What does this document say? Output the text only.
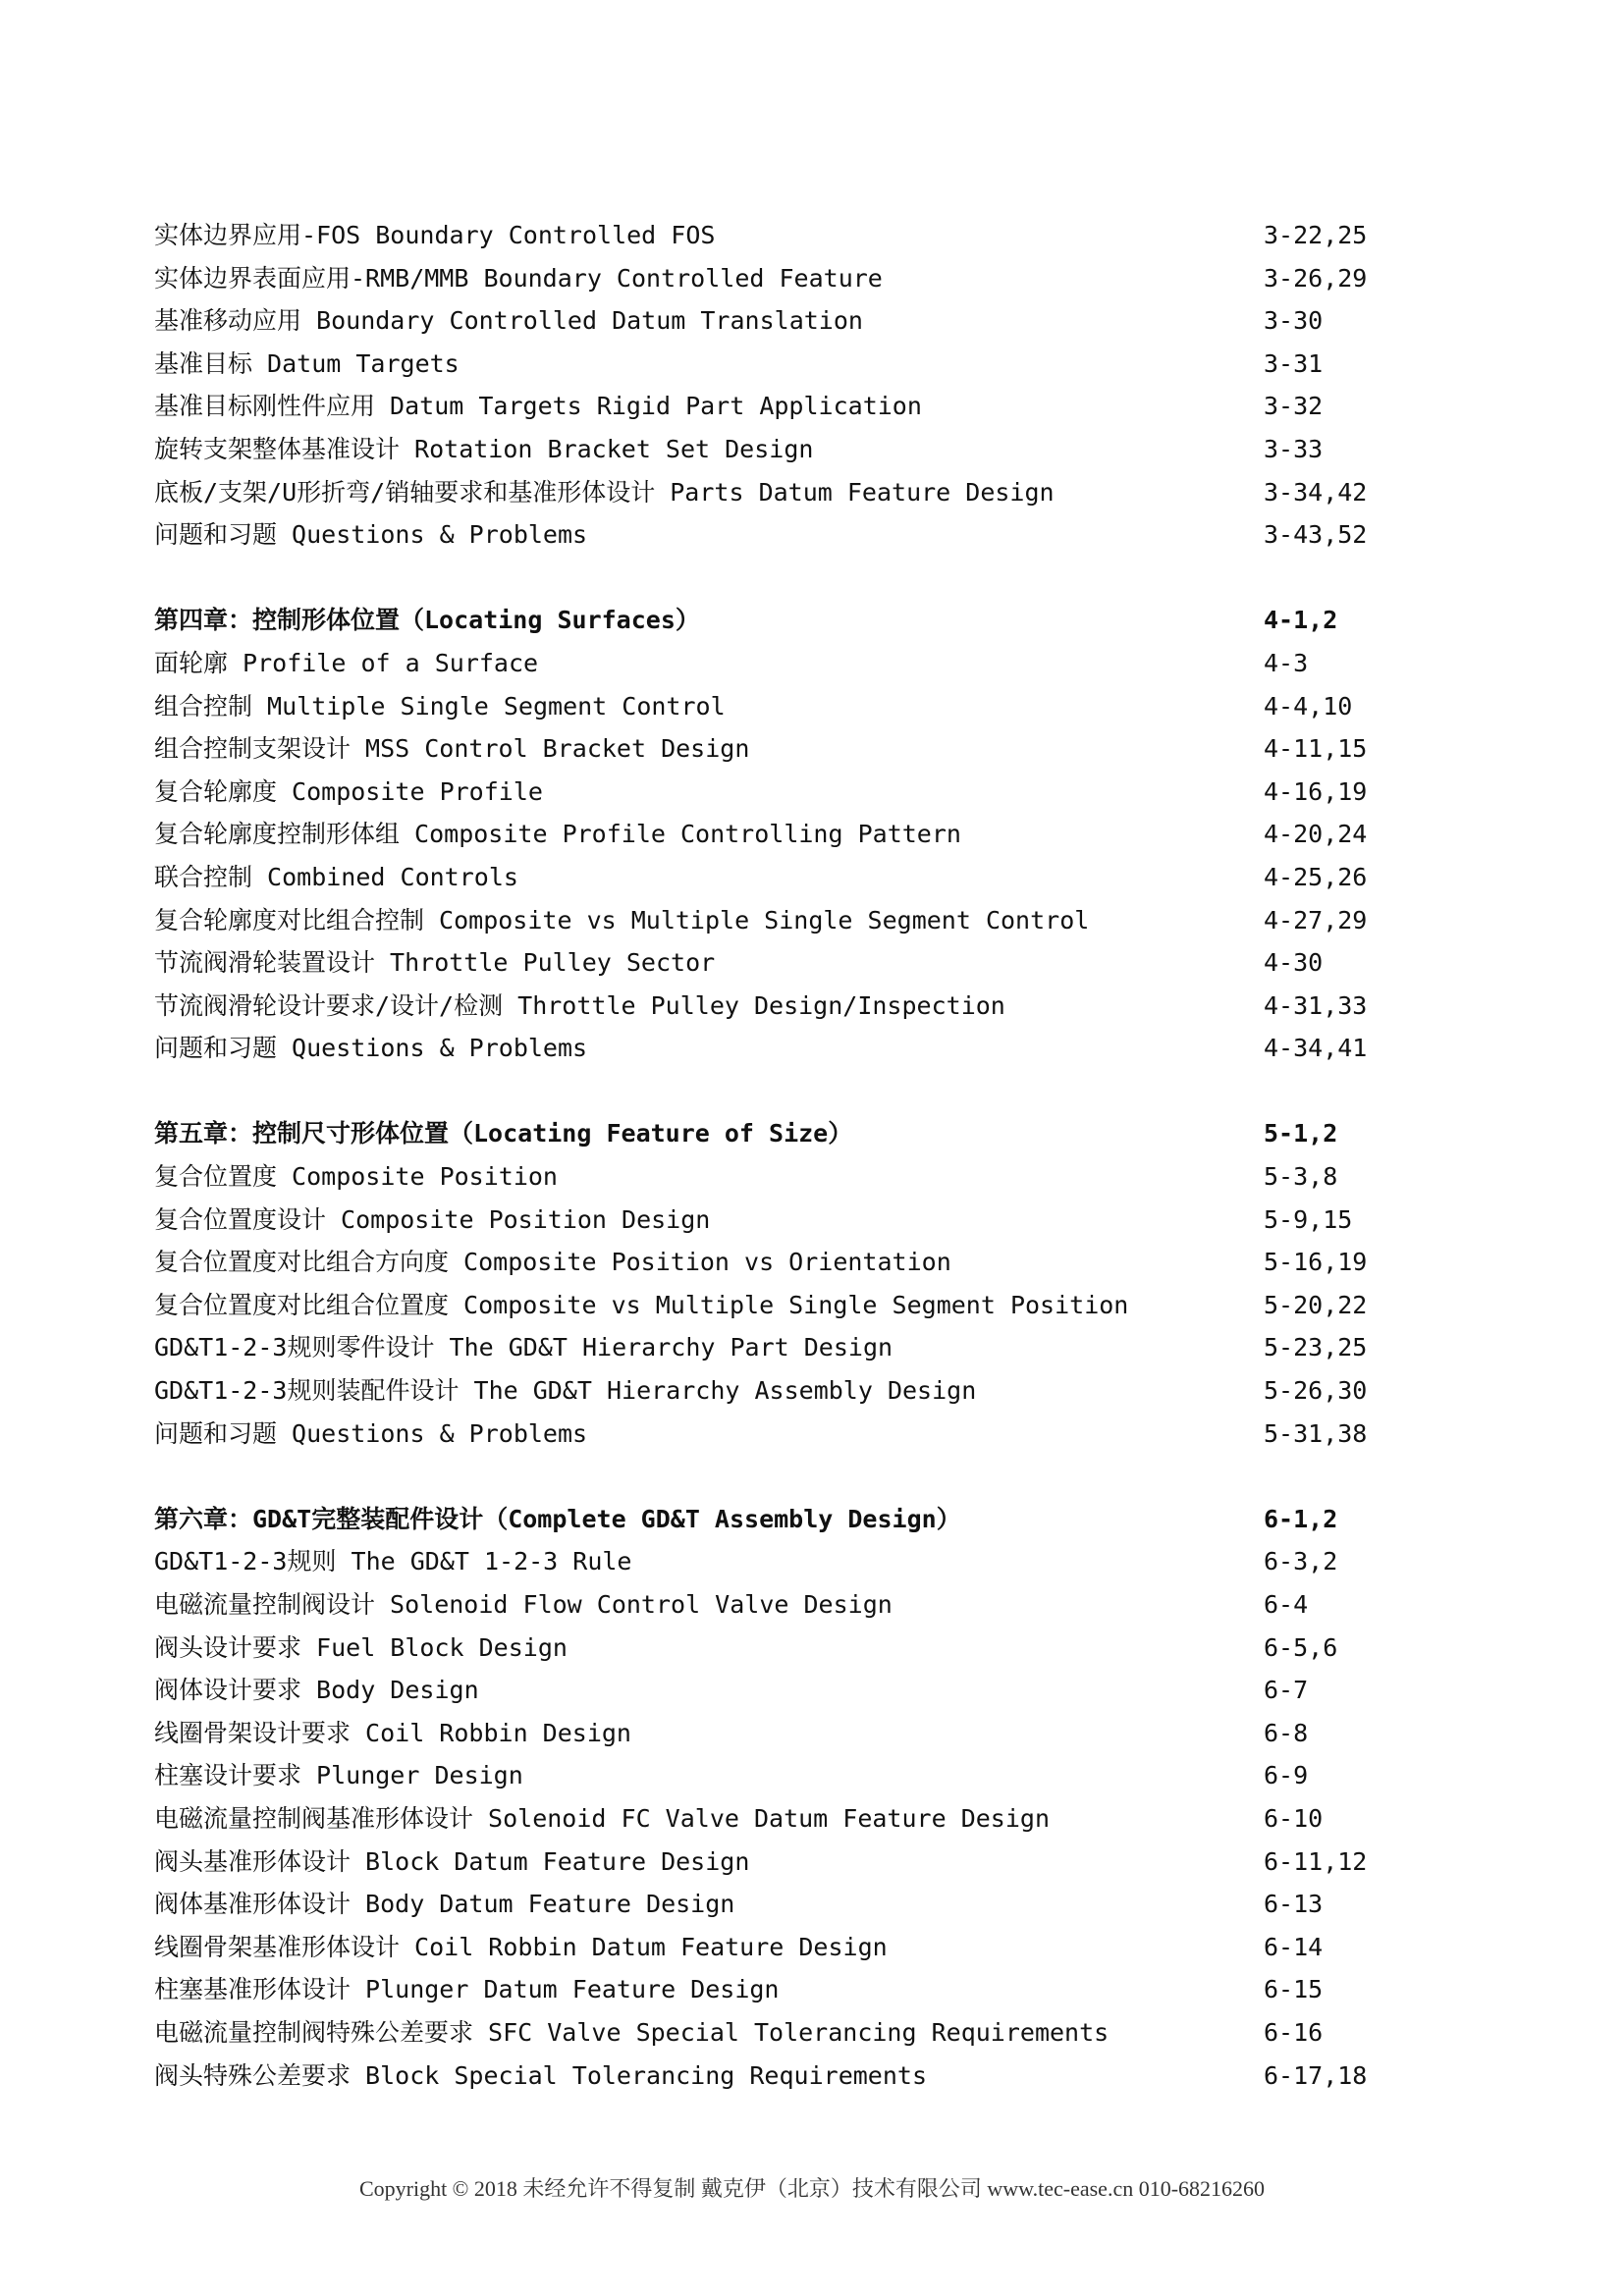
实体边界应用-FOS Boundary Controlled FOS	3-22,25
实体边界表面应用-RMB/MMB Boundary Controlled Feature	3-26,29
基准移动应用 Boundary Controlled Datum Translation	3-30
基准目标 Datum Targets	3-31
基准目标刚性件应用 Datum Targets Rigid Part Application	3-32
旋转支架整体基准设计 Rotation Bracket Set Design	3-33
底板/支架/U形折弯/销轴要求和基准形体设计 Parts Datum Feature Design	3-34,42
问题和习题 Questions & Problems	3-43,52
第四章：控制形体位置（Locating Surfaces）	4-1,2
面轮廓 Profile of a Surface	4-3
组合控制 Multiple Single Segment Control	4-4,10
组合控制支架设计 MSS Control Bracket Design	4-11,15
复合轮廓度 Composite Profile	4-16,19
复合轮廓度控制形体组 Composite Profile Controlling Pattern	4-20,24
联合控制 Combined Controls	4-25,26
复合轮廓度对比组合控制 Composite vs Multiple Single Segment Control	4-27,29
节流阀滑轮装置设计 Throttle Pulley Sector	4-30
节流阀滑轮设计要求/设计/检测 Throttle Pulley Design/Inspection	4-31,33
问题和习题 Questions & Problems	4-34,41
第五章：控制尺寸形体位置（Locating Feature of Size）	5-1,2
复合位置度 Composite Position	5-3,8
复合位置度设计 Composite Position Design	5-9,15
复合位置度对比组合方向度 Composite Position vs Orientation	5-16,19
复合位置度对比组合位置度 Composite vs Multiple Single Segment Position	5-20,22
GD&T1-2-3规则零件设计 The GD&T Hierarchy Part Design	5-23,25
GD&T1-2-3规则装配件设计 The GD&T Hierarchy Assembly Design	5-26,30
问题和习题 Questions & Problems	5-31,38
第六章：GD&T完整装配件设计（Complete GD&T Assembly Design）	6-1,2
GD&T1-2-3规则 The GD&T 1-2-3 Rule	6-3,2
电磁流量控制阀设计 Solenoid Flow Control Valve Design	6-4
阀头设计要求 Fuel Block Design	6-5,6
阀体设计要求 Body Design	6-7
线圈骨架设计要求 Coil Robbin Design	6-8
柱塞设计要求 Plunger Design	6-9
电磁流量控制阀基准形体设计 Solenoid FC Valve Datum Feature Design	6-10
阀头基准形体设计 Block Datum Feature Design	6-11,12
阀体基准形体设计 Body Datum Feature Design	6-13
线圈骨架基准形体设计 Coil Robbin Datum Feature Design	6-14
柱塞基准形体设计 Plunger Datum Feature Design	6-15
电磁流量控制阀特殊公差要求 SFC Valve Special Tolerancing Requirements	6-16
阀头特殊公差要求 Block Special Tolerancing Requirements	6-17,18
Copyright © 2018 未经允许不得复制 戴克伊（北京）技术有限公司 www.tec-ease.cn 010-68216260
